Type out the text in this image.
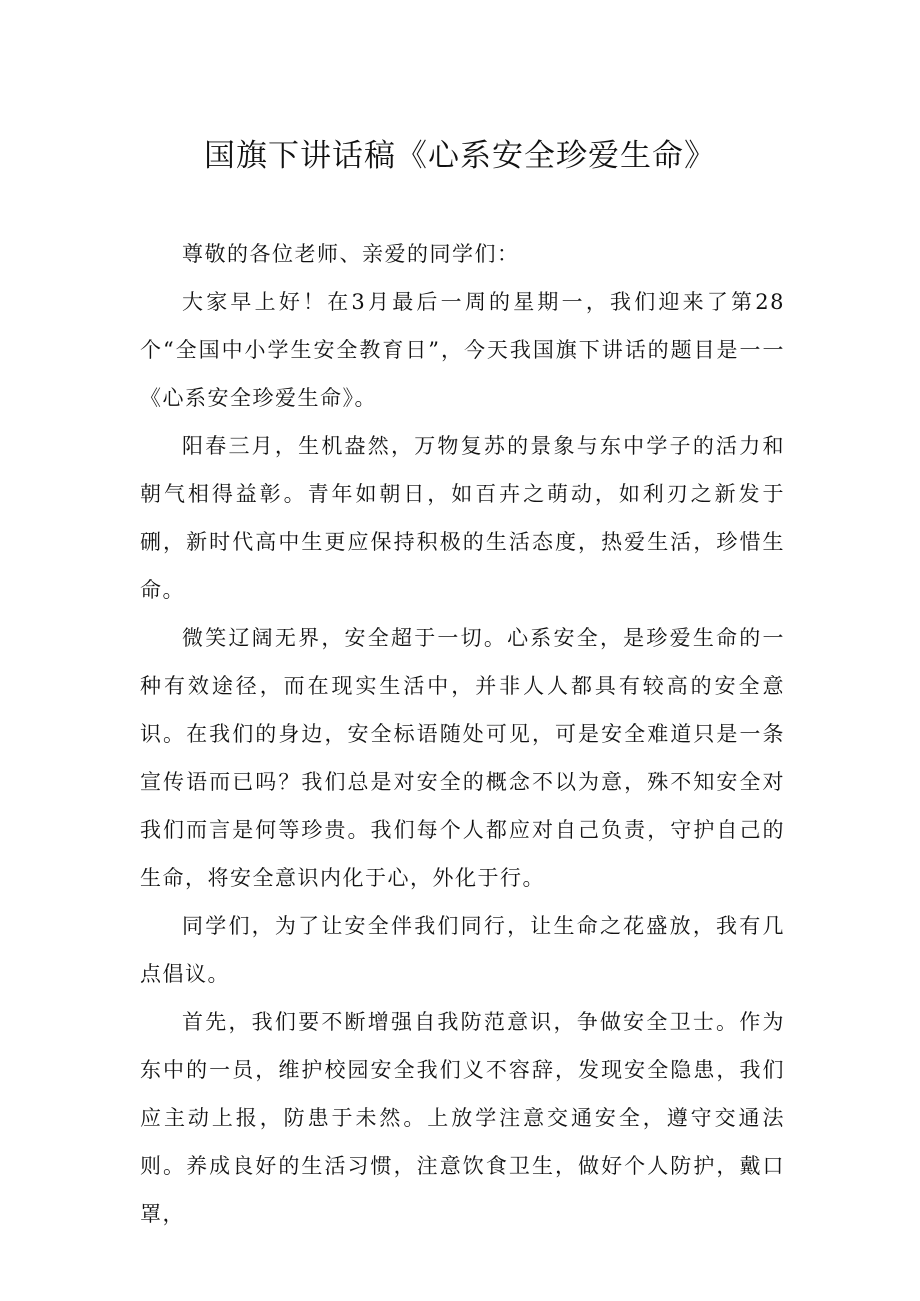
国旗下讲话稿《心系安全珍爱生命》

尊敬的各位老师、亲爱的同学们：

大家早上好！在3月最后一周的星期一，我们迎来了第28个“全国中小学生安全教育日”，今天我国旗下讲话的题目是一一《心系安全珍爱生命》。

阳春三月，生机盎然，万物复苏的景象与东中学子的活力和朝气相得益彰。青年如朝日，如百卉之萌动，如利刃之新发于硎，新时代高中生更应保持积极的生活态度，热爱生活，珍惜生命。

微笑辽阔无界，安全超于一切。心系安全，是珍爱生命的一种有效途径，而在现实生活中，并非人人都具有较高的安全意识。在我们的身边，安全标语随处可见，可是安全难道只是一条宣传语而已吗？我们总是对安全的概念不以为意，殊不知安全对我们而言是何等珍贵。我们每个人都应对自己负责，守护自己的生命，将安全意识内化于心，外化于行。

同学们，为了让安全伴我们同行，让生命之花盛放，我有几点倡议。

首先，我们要不断增强自我防范意识，争做安全卫士。作为东中的一员，维护校园安全我们义不容辞，发现安全隐患，我们应主动上报，防患于未然。上放学注意交通安全，遵守交通法则。养成良好的生活习惯，注意饮食卫生，做好个人防护，戴口罩，
